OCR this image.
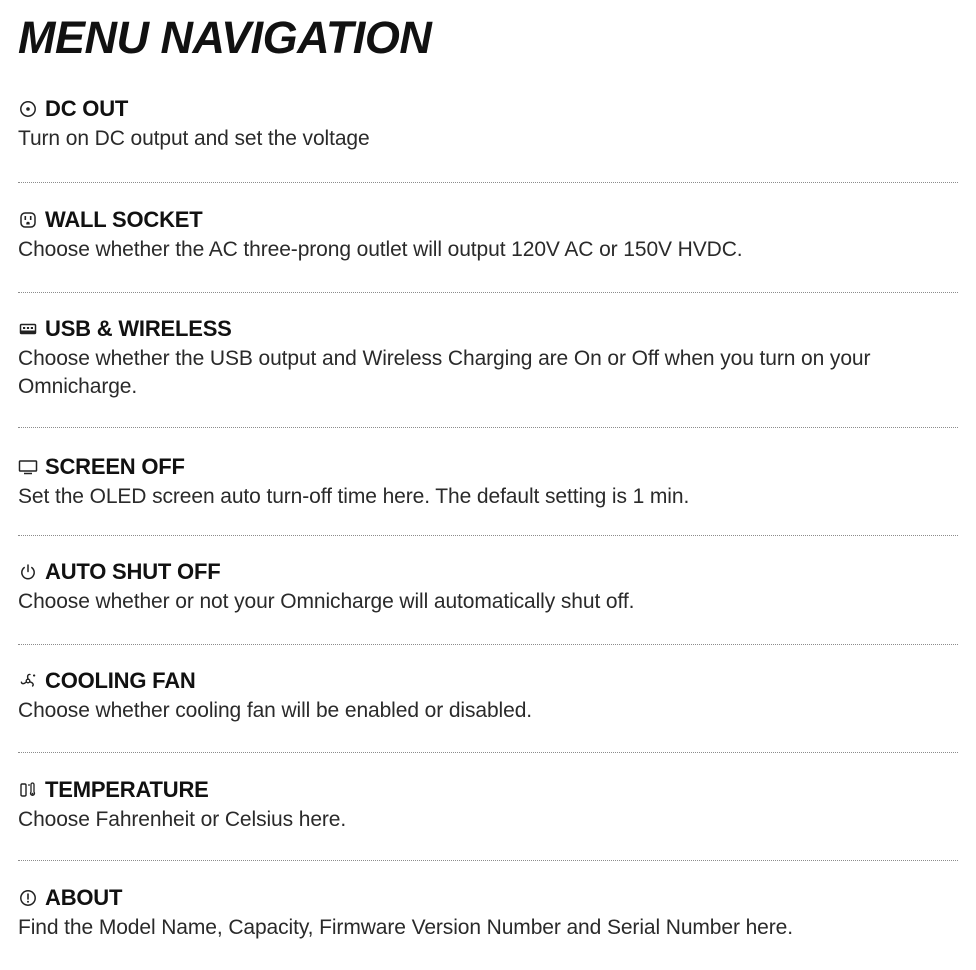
MENU NAVIGATION
DC OUT

Turn on DC output and set the voltage

WALL SOCKET

Choose whether the AC three-prong outlet will output 120V AC or 150V HVDC.

USB & WIRELESS

Choose whether the USB output and Wireless Charging are On or Off when you turn on your Omnicharge.

SCREEN OFF

Set the OLED screen auto turn-off time here. The default setting is 1 min.

AUTO SHUT OFF

Choose whether or not your Omnicharge will automatically shut off.

COOLING FAN

Choose whether cooling fan will be enabled or disabled.

TEMPERATURE

Choose Fahrenheit or Celsius here.

ABOUT

Find the Model Name, Capacity, Firmware Version Number and Serial Number here.
